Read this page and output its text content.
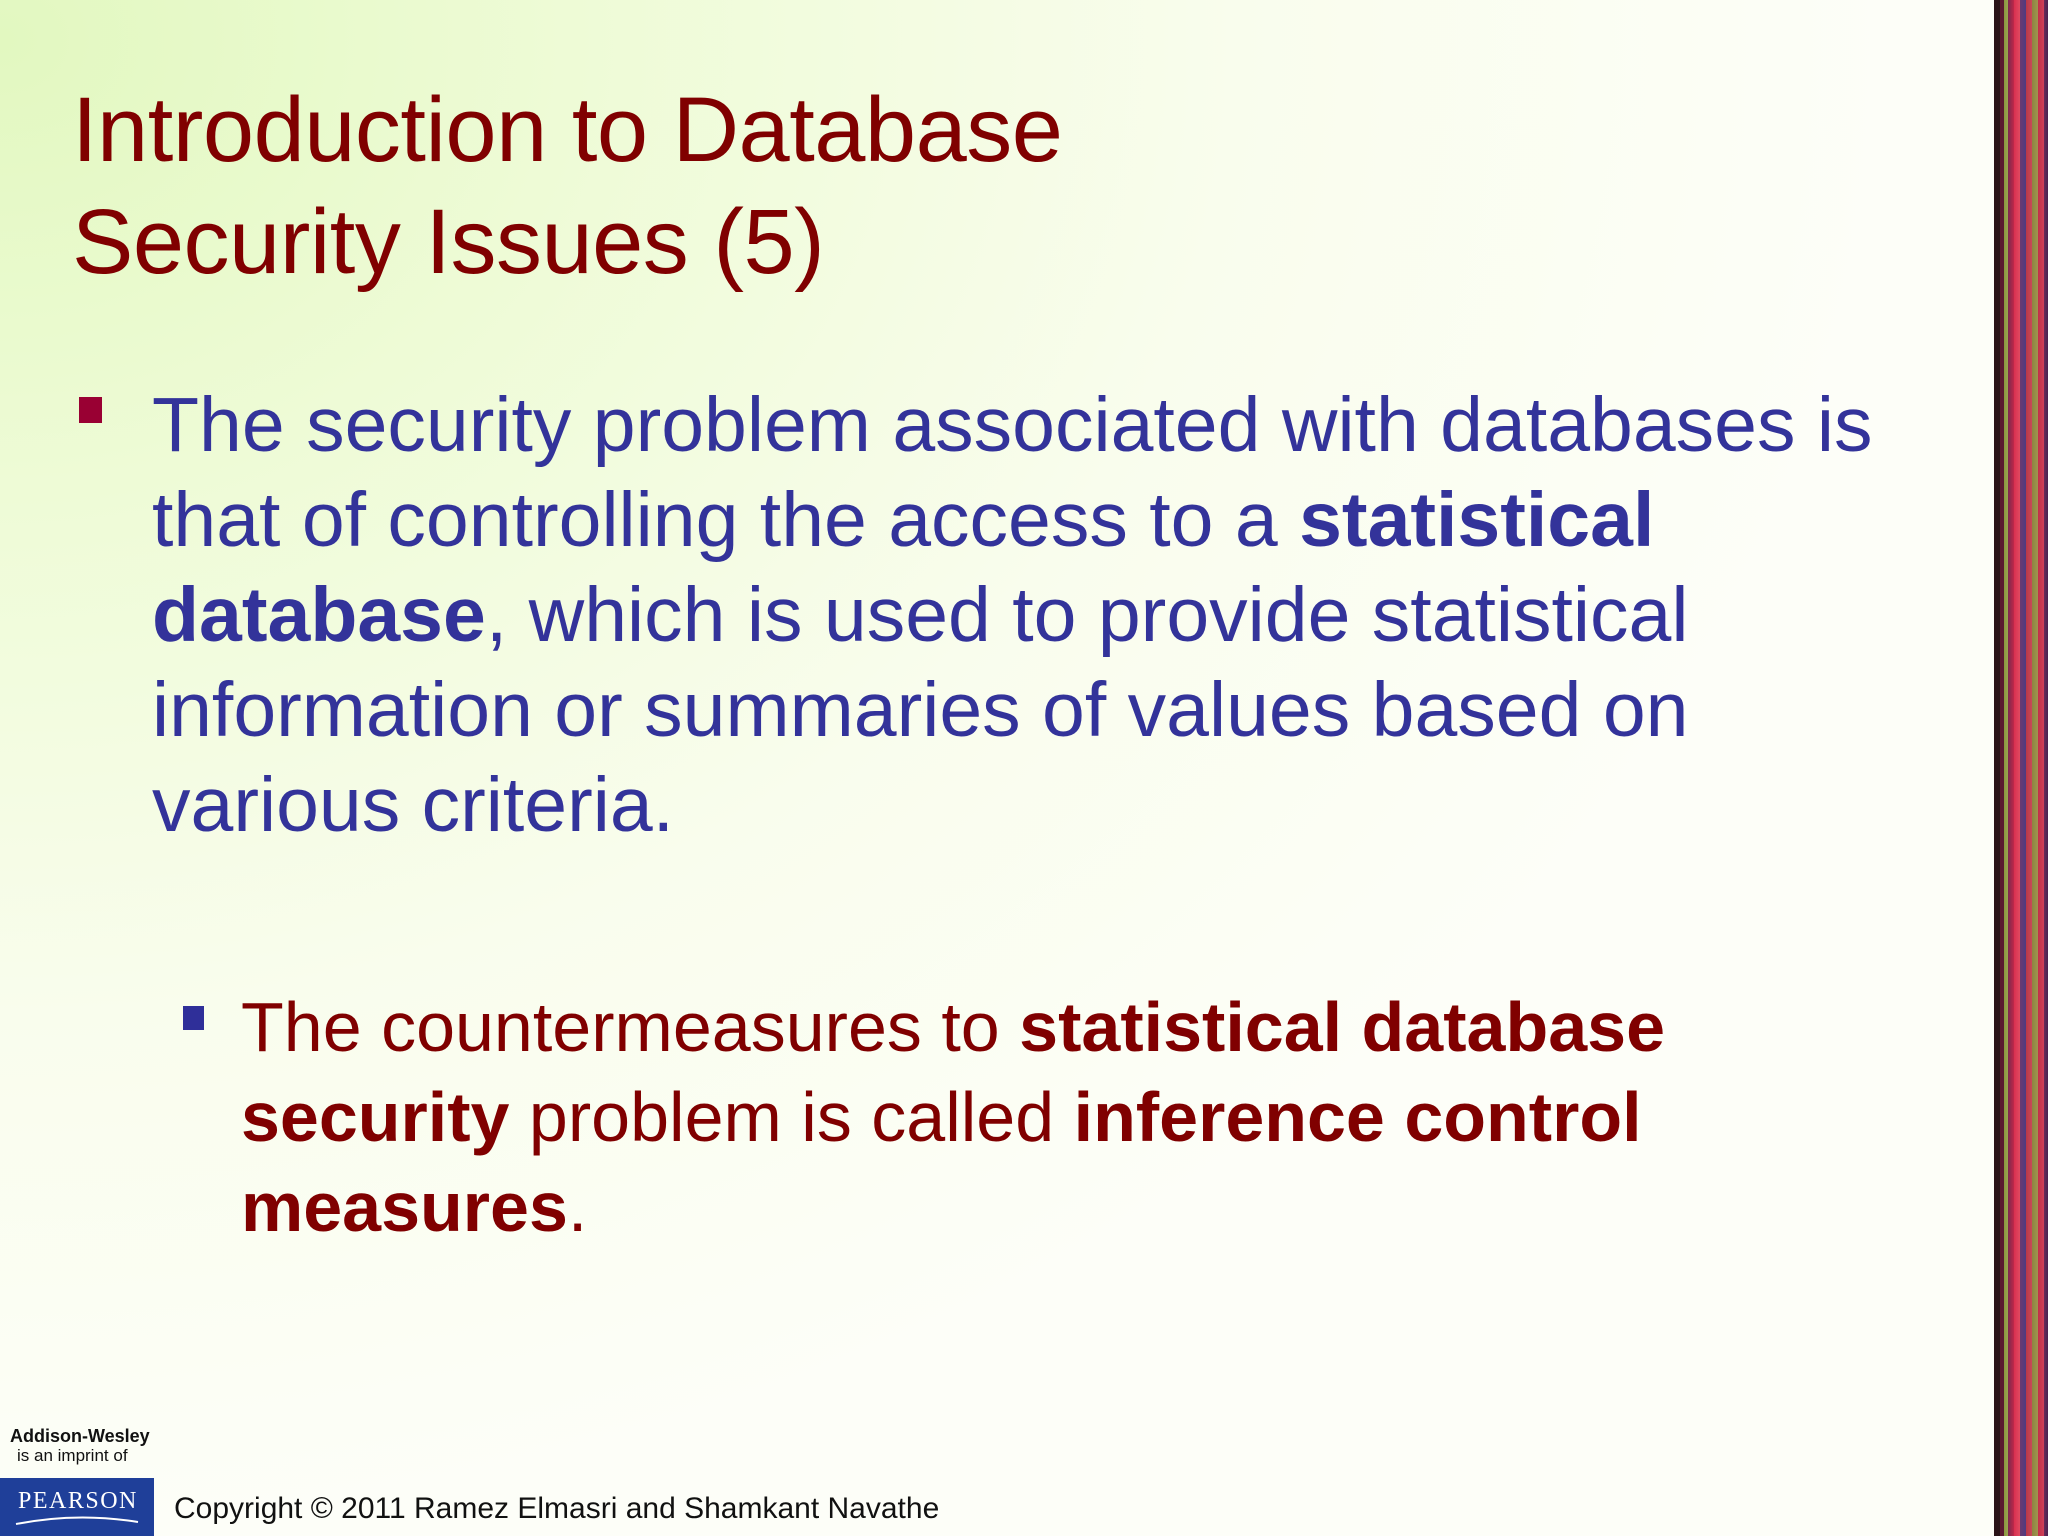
Introduction to Database
Security Issues (5)

The security problem associated with databases is that of controlling the access to a statistical database, which is used to provide statistical information or summaries of values based on various criteria.

The countermeasures to statistical database security problem is called inference control measures.

Addison-Wesley
is an imprint of
PEARSON Copyright © 2011 Ramez Elmasri and Shamkant Navathe
